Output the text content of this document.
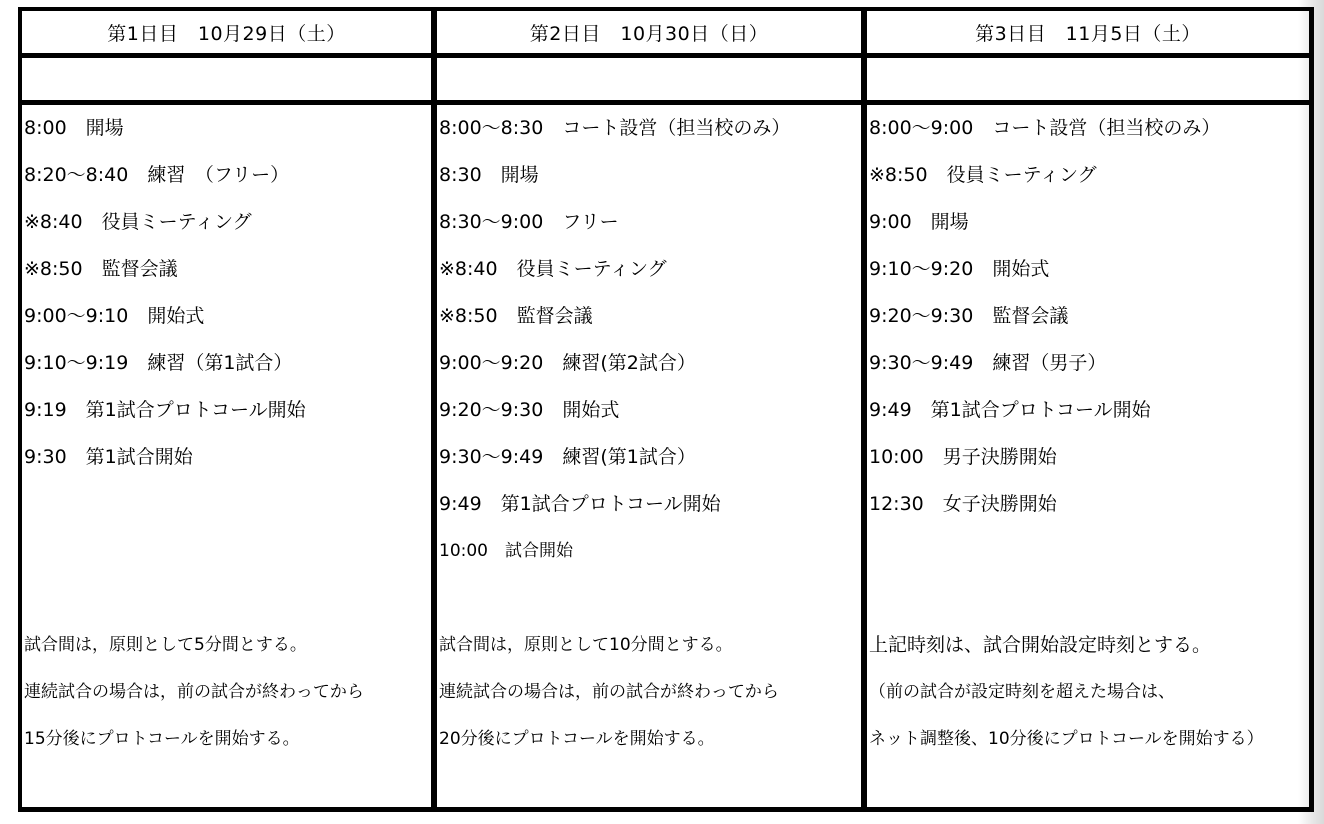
第1日目　10月29日（土）	第2日目　10月30日（日）	第3日目　11月5日（土）
8:00　開場
8:20～8:40　練習　（フリー）
※8:40　役員ミーティング
※8:50　監督会議
9:00～9:10　開始式
9:10～9:19　練習（第1試合）
9:19　第1試合プロトコール開始
9:30　第1試合開始
試合間は，原則として5分間とする。
連続試合の場合は，前の試合が終わってから
15分後にプロトコールを開始する。
8:00～8:30　コート設営（担当校のみ）
8:30　開場
8:30～9:00　フリー
※8:40　役員ミーティング
※8:50　監督会議
9:00～9:20　練習(第2試合）
9:20～9:30　開始式
9:30～9:49　練習(第1試合）
9:49　第1試合プロトコール開始
10:00　試合開始
試合間は，原則として10分間とする。
連続試合の場合は，前の試合が終わってから
20分後にプロトコールを開始する。
8:00～9:00　コート設営（担当校のみ）
※8:50　役員ミーティング
9:00　開場
9:10～9:20　開始式
9:20～9:30　監督会議
9:30～9:49　練習（男子）
9:49　第1試合プロトコール開始
10:00　男子決勝開始
12:30　女子決勝開始
上記時刻は、試合開始設定時刻とする。
（前の試合が設定時刻を超えた場合は、
ネット調整後、10分後にプロトコールを開始する）
